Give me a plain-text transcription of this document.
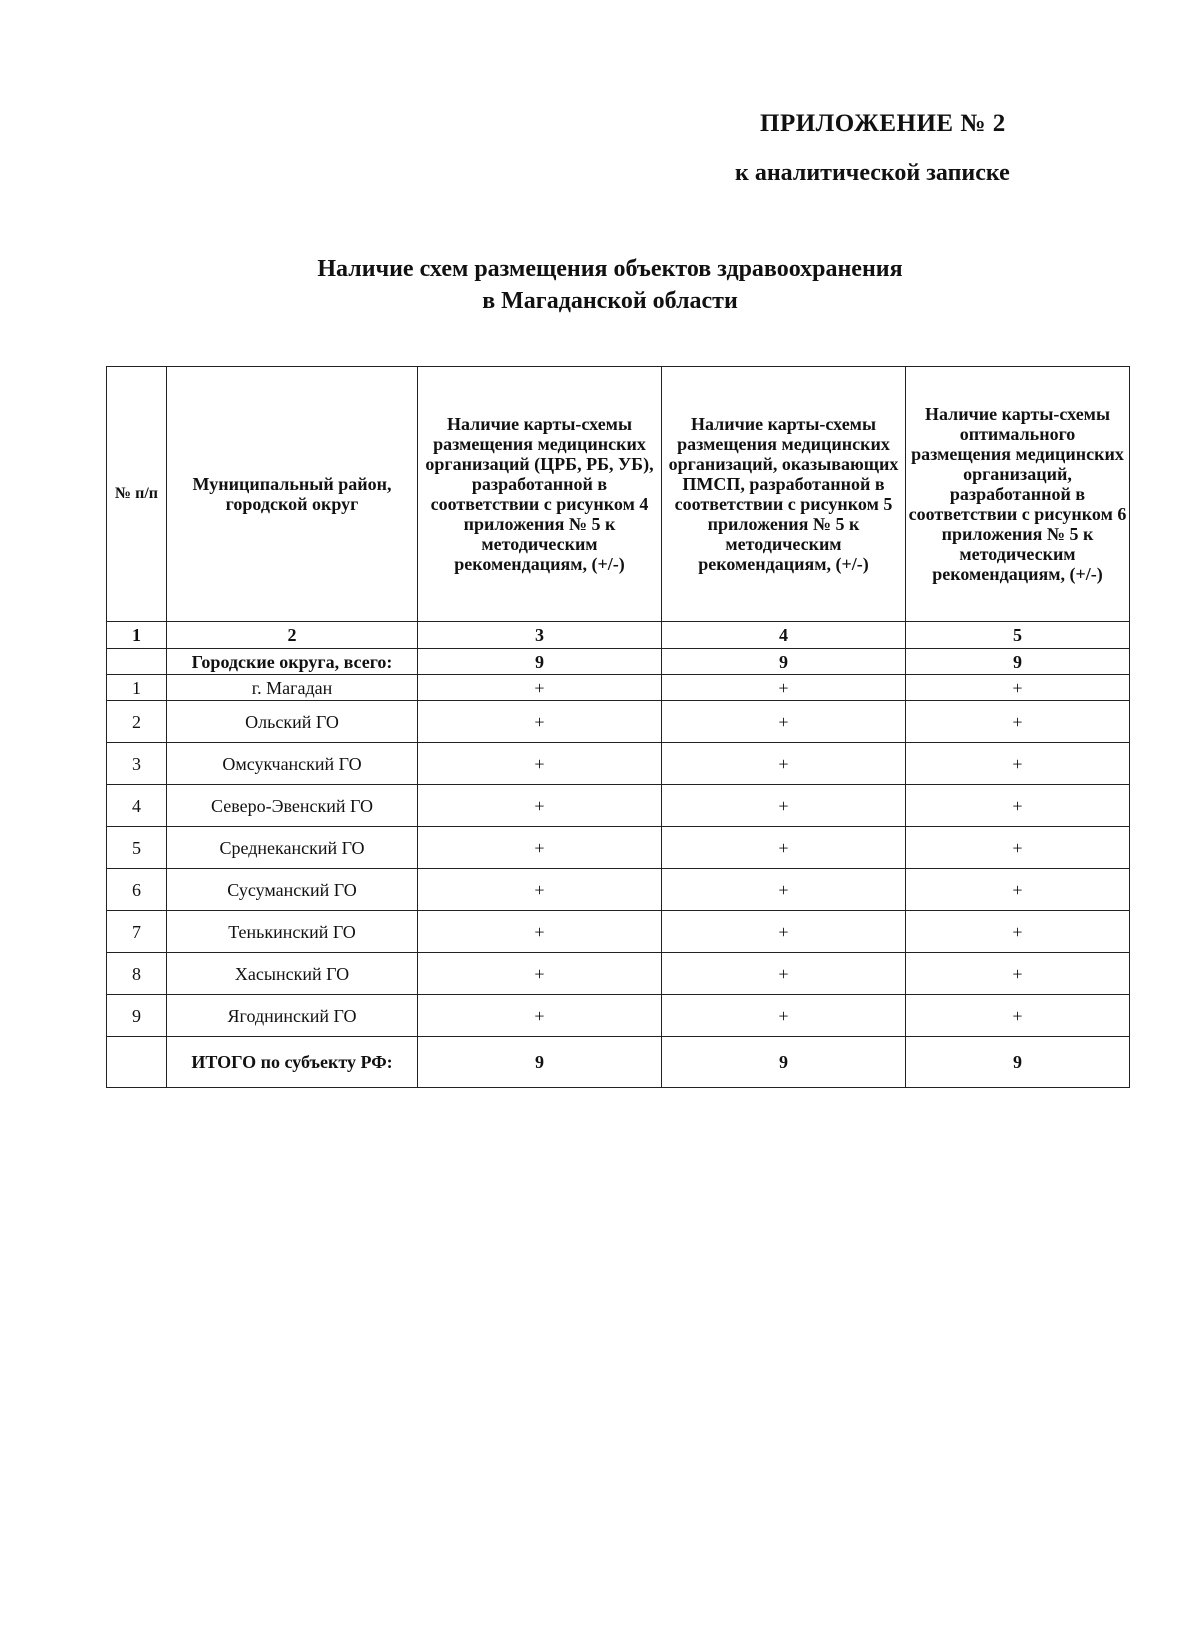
ПРИЛОЖЕНИЕ № 2
к аналитической записке
Наличие схем размещения объектов здравоохранения
в Магаданской области
№ п/п	Муниципальный район, городской округ	Наличие карты-схемы размещения медицинских организаций (ЦРБ, РБ, УБ), разработанной в соответствии с рисунком 4 приложения № 5 к методическим рекомендациям, (+/-)	Наличие карты-схемы размещения медицинских организаций, оказывающих ПМСП, разработанной в соответствии с рисунком 5 приложения № 5 к методическим рекомендациям, (+/-)	Наличие карты-схемы оптимального размещения медицинских организаций, разработанной в соответствии с рисунком 6 приложения № 5 к методическим рекомендациям, (+/-)
1	2	3	4	5
	Городские округа, всего:	9	9	9
1	г. Магадан	+	+	+
2	Ольский ГО	+	+	+
3	Омсукчанский ГО	+	+	+
4	Северо-Эвенский ГО	+	+	+
5	Среднеканский ГО	+	+	+
6	Сусуманский ГО	+	+	+
7	Тенькинский ГО	+	+	+
8	Хасынский ГО	+	+	+
9	Ягоднинский ГО	+	+	+
	ИТОГО по субъекту РФ:	9	9	9
